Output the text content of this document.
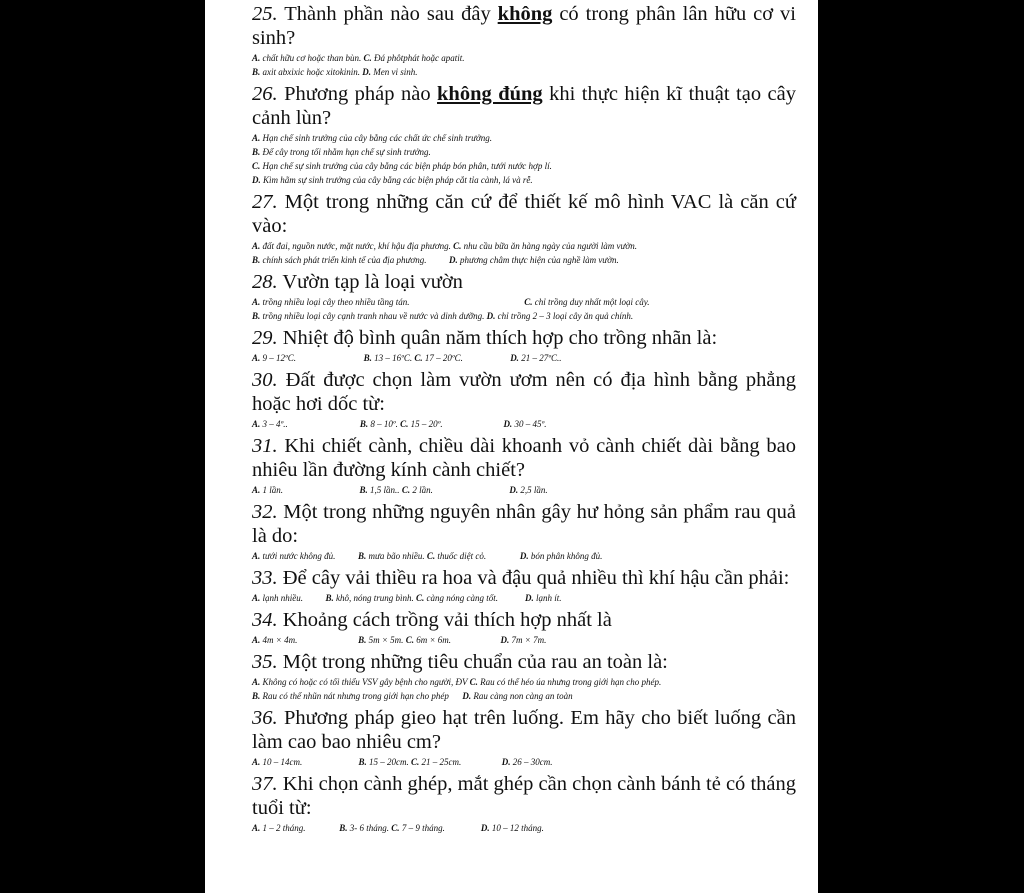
25. Thành phần nào sau đây không có trong phân lân hữu cơ vi sinh?

A. chất hữu cơ hoặc than bùn. C. Đá phôtphát hoặc apatit.
B. axit abxixic hoặc xitokinin. D. Men vi sinh.

26. Phương pháp nào không đúng khi thực hiện kĩ thuật tạo cây cảnh lùn?

A. Hạn chế sinh trưởng của cây bằng các chất ức chế sinh trưởng.
B. Để cây trong tối nhằm hạn chế sự sinh trưởng.
C. Hạn chế sự sinh trưởng của cây bằng các biện pháp bón phân, tưới nước hợp lí.
D. Kìm hãm sự sinh trưởng của cây bằng các biện pháp cắt tỉa cành, lá và rễ.

27. Một trong những căn cứ để thiết kế mô hình VAC là căn cứ vào:

A. đất đai, nguồn nước, mặt nước, khí hậu địa phương. C. nhu cầu bữa ăn hàng ngày của người làm vườn.
B. chính sách phát triển kinh tế của địa phương.          D. phương châm thực hiện của nghề làm vườn.

28. Vườn tạp là loại vườn

A. trồng nhiều loại cây theo nhiều tầng tán.                                                   C. chỉ trồng duy nhất một loại cây.
B. trồng nhiều loại cây cạnh tranh nhau về nước và dinh dưỡng. D. chỉ trồng 2 – 3 loại cây ăn quả chính.

29. Nhiệt độ bình quân năm thích hợp cho trồng nhãn là:

A. 9 – 12ºC.                              B. 13 – 16ºC. C. 17 – 20ºC.                     D. 21 – 27ºC..

30. Đất được chọn làm vườn ươm nên có địa hình bằng phẳng hoặc hơi dốc từ:

A. 3 – 4º..                                B. 8 – 10º. C. 15 – 20º.                           D. 30 – 45º.

31. Khi chiết cành, chiều dài khoanh vỏ cành chiết dài bằng bao nhiêu lần đường kính cành chiết?

A. 1 lần.                                  B. 1,5 lần.. C. 2 lần.                                  D. 2,5 lần.

32. Một trong những nguyên nhân gây hư hỏng sản phẩm rau quả là do:

A. tưới nước không đủ.          B. mưa bão nhiều. C. thuốc diệt cỏ.               D. bón phân không đủ.

33. Để cây vải thiều ra hoa và đậu quả nhiều thì khí hậu cần phải:

A. lạnh nhiều.          B. khô, nóng trung bình. C. càng nóng càng tốt.            D. lạnh ít.

34. Khoảng cách trồng vải thích hợp nhất là

A. 4m × 4m.                           B. 5m × 5m. C. 6m × 6m.                      D. 7m × 7m.

35. Một trong những tiêu chuẩn của rau an toàn là:

A. Không có hoặc có tối thiểu VSV gây bệnh cho người, ĐV C. Rau có thể héo úa nhưng trong giới hạn cho phép.
B. Rau có thể nhũn nát nhưng trong giới hạn cho phép      D. Rau càng non càng an toàn

36. Phương pháp gieo hạt trên luống. Em hãy cho biết luống cần làm cao bao nhiêu cm?

A. 10 – 14cm.                         B. 15 – 20cm. C. 21 – 25cm.                  D. 26 – 30cm.

37. Khi chọn cành ghép, mắt ghép cần chọn cành bánh tẻ có tháng tuổi từ:

A. 1 – 2 tháng.               B. 3- 6 tháng. C. 7 – 9 tháng.                D. 10 – 12 tháng.
